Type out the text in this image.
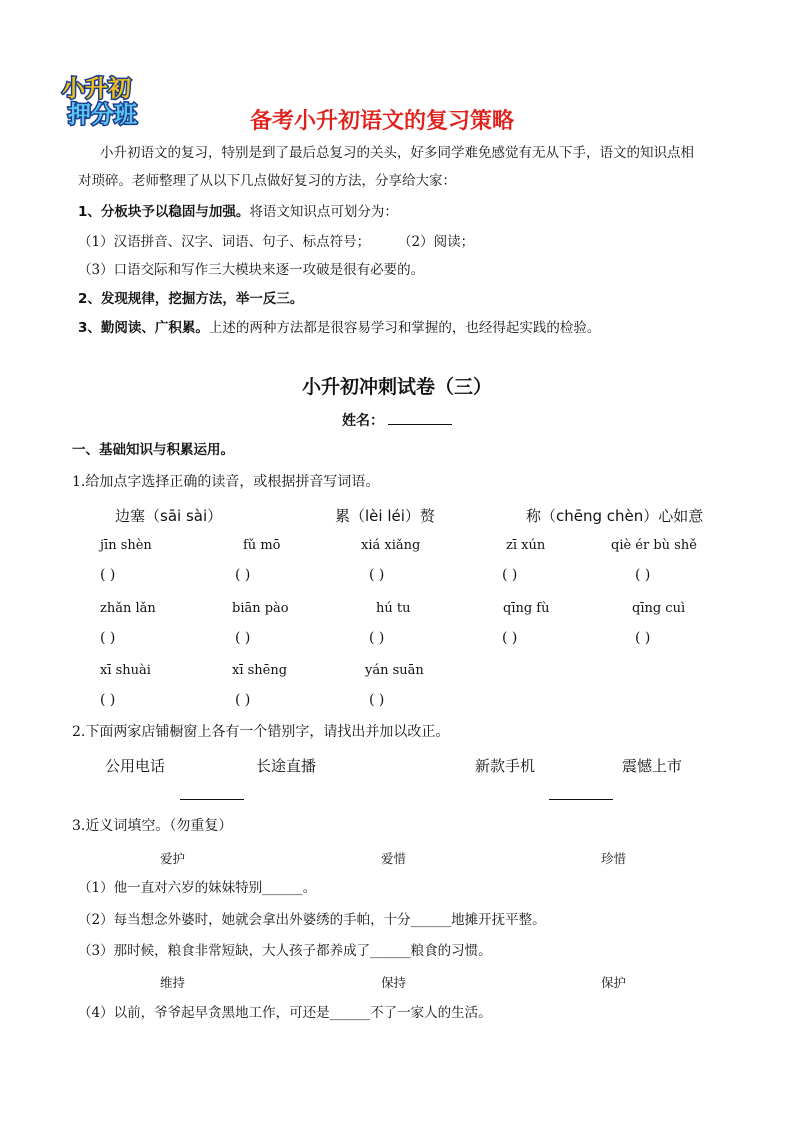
小升初
押分班	备考小升初语文的复习策略
小升初语文的复习，特别是到了最后总复习的关头，好多同学难免感觉有无从下手，语文的知识点相
对琐碎。老师整理了从以下几点做好复习的方法，分享给大家：
1、分板块予以稳固与加强。将语文知识点可划分为：
（1）汉语拼音、汉字、词语、句子、标点符号； （2）阅读；
（3）口语交际和写作三大模块来逐一攻破是很有必要的。
2、发现规律，挖掘方法，举一反三。
3、勤阅读、广积累。上述的两种方法都是很容易学习和掌握的，也经得起实践的检验。
小升初冲刺试卷（三）
姓名：
一、基础知识与积累运用。
1.给加点字选择正确的读音，或根据拼音写词语。
边塞（sāi sài）	累（lèi léi）赘	称（chēng chèn）心如意
jīn shèn	fǔ mō	xiá xiǎng	zī xún	qiè ér bù shě
( )	( )	( )	( )	( )
zhǎn lǎn	biān pào	hú tu	qīng fù	qīng cuì
( )	( )	( )	( )	( )
xī shuài	xī shēng	yán suān
( )	( )	( )
2.下面两家店铺橱窗上各有一个错别字，请找出并加以改正。
公用电话	长途直播	新款手机	震憾上市
3.近义词填空。（勿重复）
爱护	爱惜	珍惜
（1）他一直对六岁的妹妹特别______。
（2）每当想念外婆时，她就会拿出外婆绣的手帕，十分______地摊开抚平整。
（3）那时候，粮食非常短缺，大人孩子都养成了______粮食的习惯。
维持	保持	保护
（4）以前，爷爷起早贪黑地工作，可还是______不了一家人的生活。
